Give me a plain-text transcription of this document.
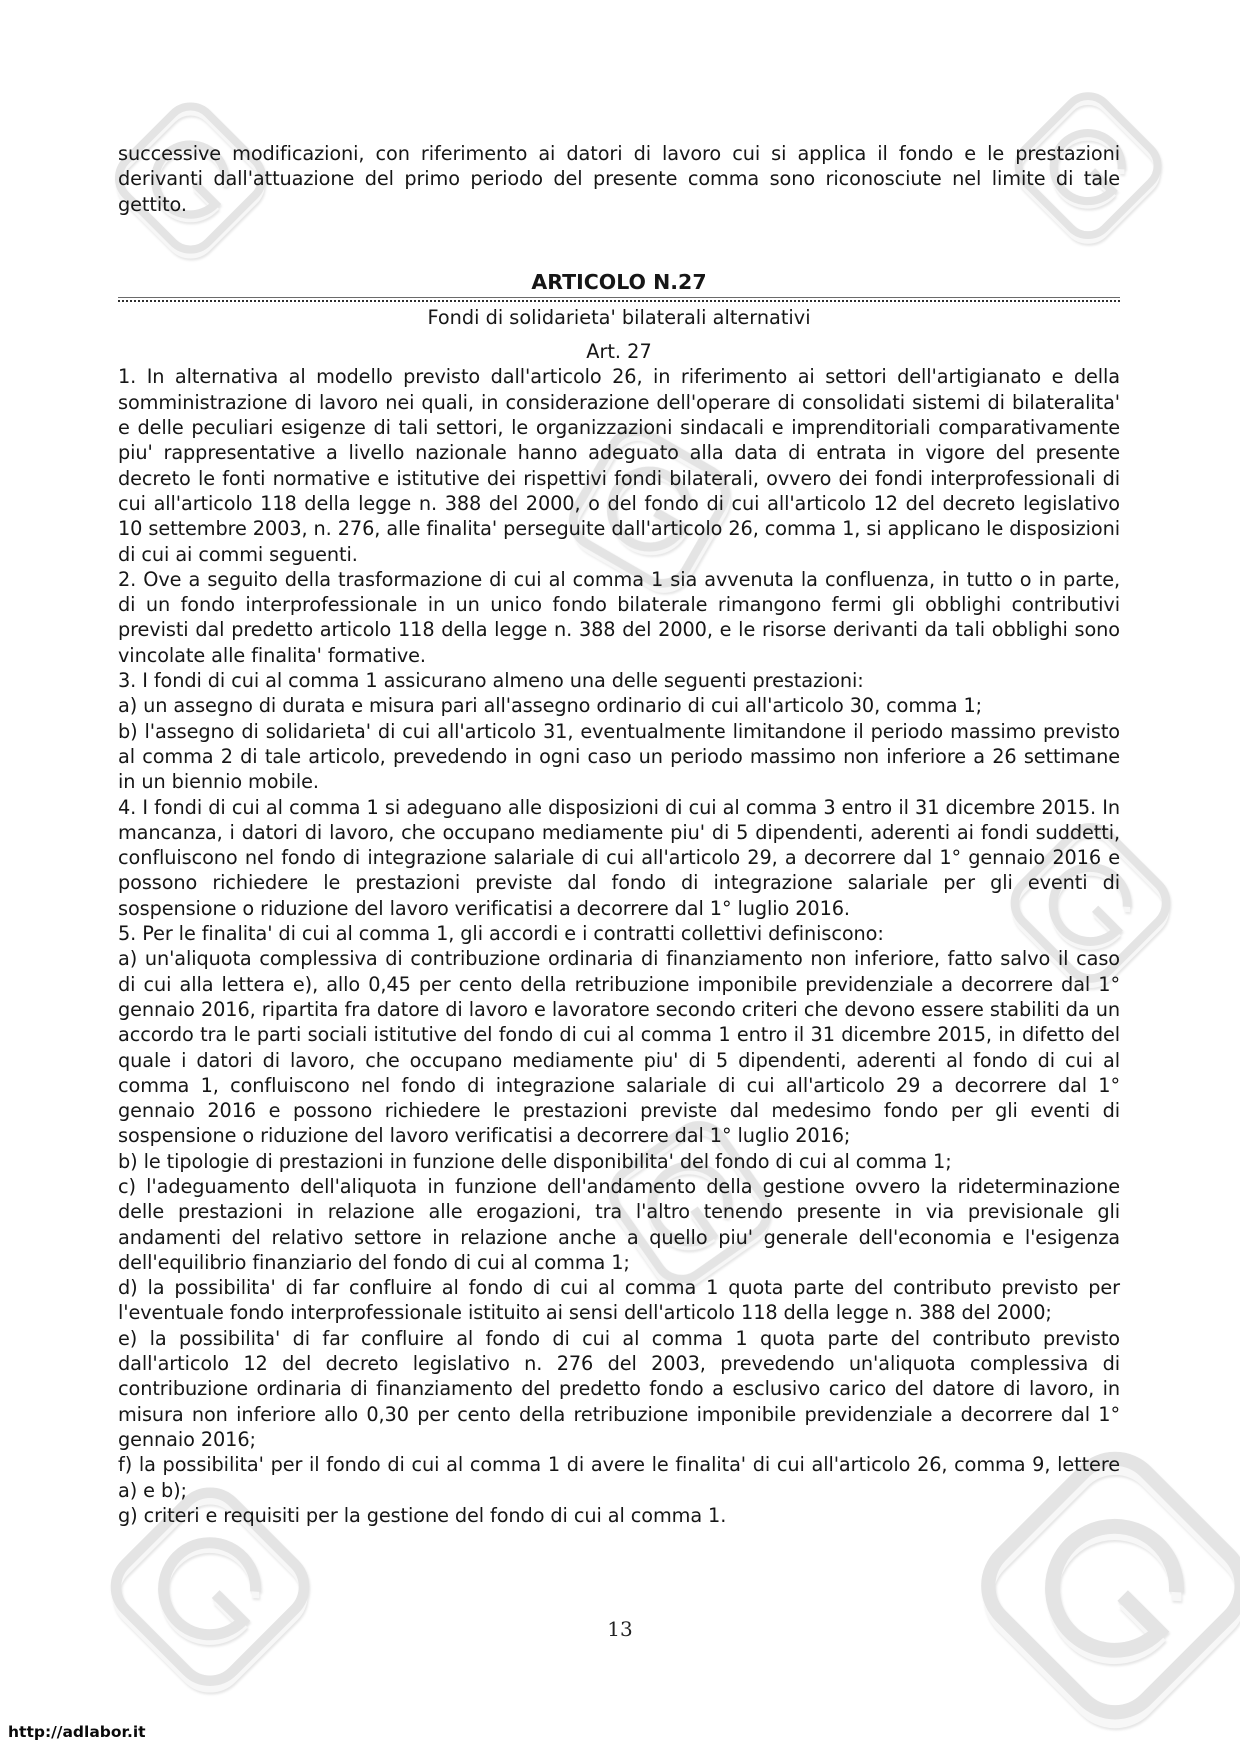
successive modificazioni, con riferimento ai datori di lavoro cui si applica il fondo e le prestazioni derivanti dall'attuazione del primo periodo del presente comma sono riconosciute nel limite di tale gettito.

ARTICOLO N.27

Fondi di solidarieta' bilaterali alternativi

Art. 27

1. In alternativa al modello previsto dall'articolo 26, in riferimento ai settori dell'artigianato e della somministrazione di lavoro nei quali, in considerazione dell'operare di consolidati sistemi di bilateralita' e delle peculiari esigenze di tali settori, le organizzazioni sindacali e imprenditoriali comparativamente piu' rappresentative a livello nazionale hanno adeguato alla data di entrata in vigore del presente decreto le fonti normative e istitutive dei rispettivi fondi bilaterali, ovvero dei fondi interprofessionali di cui all'articolo 118 della legge n. 388 del 2000, o del fondo di cui all'articolo 12 del decreto legislativo 10 settembre 2003, n. 276, alle finalita' perseguite dall'articolo 26, comma 1, si applicano le disposizioni di cui ai commi seguenti.

2. Ove a seguito della trasformazione di cui al comma 1 sia avvenuta la confluenza, in tutto o in parte, di un fondo interprofessionale in un unico fondo bilaterale rimangono fermi gli obblighi contributivi previsti dal predetto articolo 118 della legge n. 388 del 2000, e le risorse derivanti da tali obblighi sono vincolate alle finalita' formative.

3. I fondi di cui al comma 1 assicurano almeno una delle seguenti prestazioni:

a) un assegno di durata e misura pari all'assegno ordinario di cui all'articolo 30, comma 1;

b) l'assegno di solidarieta' di cui all'articolo 31, eventualmente limitandone il periodo massimo previsto al comma 2 di tale articolo, prevedendo in ogni caso un periodo massimo non inferiore a 26 settimane in un biennio mobile.

4. I fondi di cui al comma 1 si adeguano alle disposizioni di cui al comma 3 entro il 31 dicembre 2015. In mancanza, i datori di lavoro, che occupano mediamente piu' di 5 dipendenti, aderenti ai fondi suddetti, confluiscono nel fondo di integrazione salariale di cui all'articolo 29, a decorrere dal 1° gennaio 2016 e possono richiedere le prestazioni previste dal fondo di integrazione salariale per gli eventi di sospensione o riduzione del lavoro verificatisi a decorrere dal 1° luglio 2016.

5. Per le finalita' di cui al comma 1, gli accordi e i contratti collettivi definiscono:

a) un'aliquota complessiva di contribuzione ordinaria di finanziamento non inferiore, fatto salvo il caso di cui alla lettera e), allo 0,45 per cento della retribuzione imponibile previdenziale a decorrere dal 1° gennaio 2016, ripartita fra datore di lavoro e lavoratore secondo criteri che devono essere stabiliti da un accordo tra le parti sociali istitutive del fondo di cui al comma 1 entro il 31 dicembre 2015, in difetto del quale i datori di lavoro, che occupano mediamente piu' di 5 dipendenti, aderenti al fondo di cui al comma 1, confluiscono nel fondo di integrazione salariale di cui all'articolo 29 a decorrere dal 1° gennaio 2016 e possono richiedere le prestazioni previste dal medesimo fondo per gli eventi di sospensione o riduzione del lavoro verificatisi a decorrere dal 1° luglio 2016;

b) le tipologie di prestazioni in funzione delle disponibilita' del fondo di cui al comma 1;

c) l'adeguamento dell'aliquota in funzione dell'andamento della gestione ovvero la rideterminazione delle prestazioni in relazione alle erogazioni, tra l'altro tenendo presente in via previsionale gli andamenti del relativo settore in relazione anche a quello piu' generale dell'economia e l'esigenza dell'equilibrio finanziario del fondo di cui al comma 1;

d) la possibilita' di far confluire al fondo di cui al comma 1 quota parte del contributo previsto per l'eventuale fondo interprofessionale istituito ai sensi dell'articolo 118 della legge n. 388 del 2000;

e) la possibilita' di far confluire al fondo di cui al comma 1 quota parte del contributo previsto dall'articolo 12 del decreto legislativo n. 276 del 2003, prevedendo un'aliquota complessiva di contribuzione ordinaria di finanziamento del predetto fondo a esclusivo carico del datore di lavoro, in misura non inferiore allo 0,30 per cento della retribuzione imponibile previdenziale a decorrere dal 1° gennaio 2016;

f) la possibilita' per il fondo di cui al comma 1 di avere le finalita' di cui all'articolo 26, comma 9, lettere a) e b);

g) criteri e requisiti per la gestione del fondo di cui al comma 1.

13
http://adlabor.it
